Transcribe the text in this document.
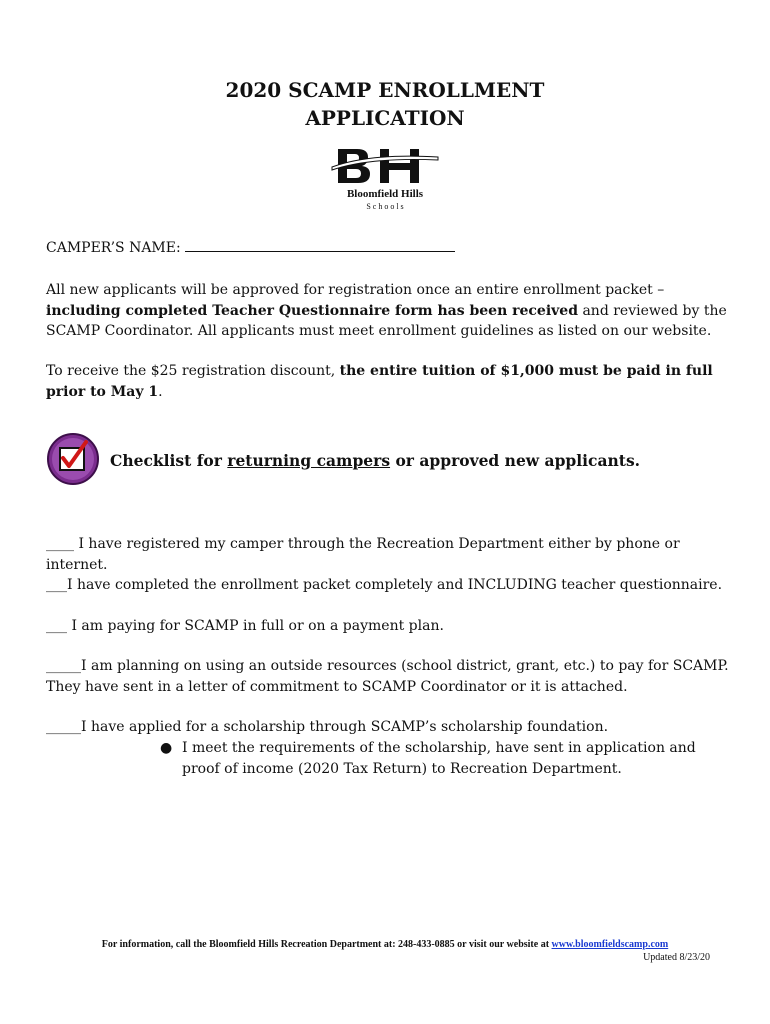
2020 SCAMP ENROLLMENT
APPLICATION
Bloomfield Hills
S c h o o l s
CAMPER’S NAME:
All new applicants will be approved for registration once an entire enrollment packet – including completed Teacher Questionnaire form has been received and reviewed by the SCAMP Coordinator. All applicants must meet enrollment guidelines as listed on our website.
To receive the $25 registration discount, the entire tuition of $1,000 must be paid in full prior to May 1.
Checklist for returning campers or approved new applicants.
____ I have registered my camper through the Recreation Department either by phone or internet.
___I have completed the enrollment packet completely and INCLUDING teacher questionnaire.
___ I am paying for SCAMP in full or on a payment plan.
_____I am planning on using an outside resources (school district, grant, etc.) to pay for SCAMP. They have sent in a letter of commitment to SCAMP Coordinator or it is attached.
_____I have applied for a scholarship through SCAMP’s scholarship foundation.
● I meet the requirements of the scholarship, have sent in application and proof of income (2020 Tax Return) to Recreation Department.
For information, call the Bloomfield Hills Recreation Department at: 248-433-0885 or visit our website at www.bloomfieldscamp.com
Updated 8/23/20
